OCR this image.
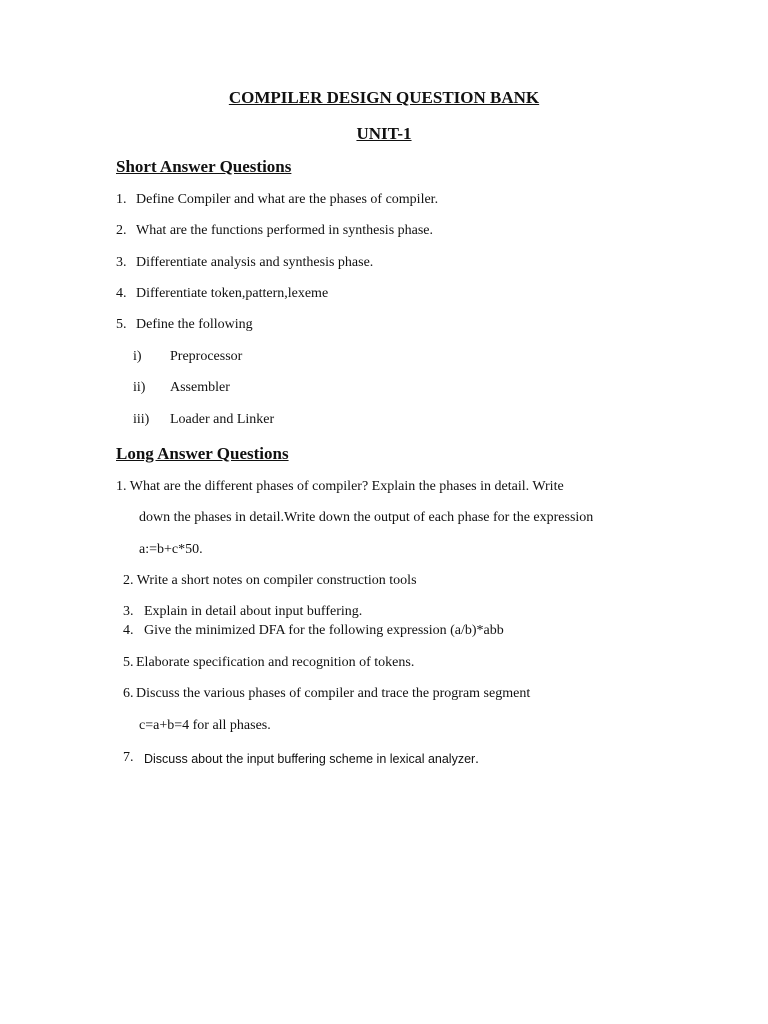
COMPILER DESIGN QUESTION BANK
UNIT-1
Short Answer Questions
1. Define Compiler and what are the phases of compiler.
2. What are the functions performed in synthesis phase.
3. Differentiate analysis and synthesis phase.
4. Differentiate token,pattern,lexeme
5. Define the following
i) Preprocessor
ii) Assembler
iii) Loader and Linker
Long Answer Questions
1. What are the different phases of compiler? Explain the phases in detail. Write
down the phases in detail.Write down the output of each phase for the expression
a:=b+c*50.
2. Write a short notes on compiler construction tools
3. Explain in detail about input buffering.
4. Give the minimized DFA for the following expression (a/b)*abb
5. Elaborate specification and recognition of tokens.
6. Discuss the various phases of compiler and trace the program segment
c=a+b=4 for all phases.
7. Discuss about the input buffering scheme in lexical analyzer.
